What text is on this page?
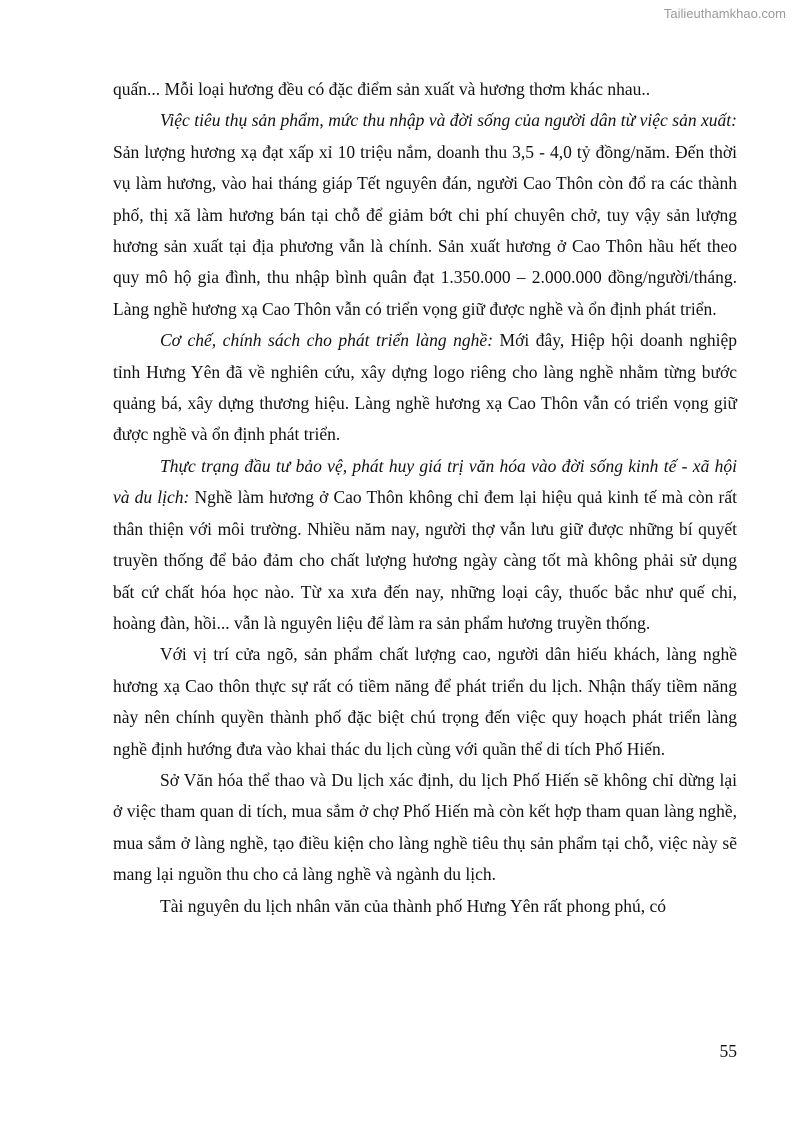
Tailieuthamkhao.com

quấn... Mỗi loại hương đều có đặc điểm sản xuất và hương thơm khác nhau..

Việc tiêu thụ sản phẩm, mức thu nhập và đời sống của người dân từ việc sản xuất: Sản lượng hương xạ đạt xấp xỉ 10 triệu nắm, doanh thu 3,5 - 4,0 tỷ đồng/năm. Đến thời vụ làm hương, vào hai tháng giáp Tết nguyên đán, người Cao Thôn còn đổ ra các thành phố, thị xã làm hương bán tại chỗ để giảm bớt chi phí chuyên chở, tuy vậy sản lượng hương sản xuất tại địa phương vẫn là chính. Sản xuất hương ở Cao Thôn hầu hết theo quy mô hộ gia đình, thu nhập bình quân đạt 1.350.000 – 2.000.000 đồng/người/tháng. Làng nghề hương xạ Cao Thôn vẫn có triển vọng giữ được nghề và ổn định phát triển.

Cơ chế, chính sách cho phát triển làng nghề: Mới đây, Hiệp hội doanh nghiệp tỉnh Hưng Yên đã về nghiên cứu, xây dựng logo riêng cho làng nghề nhằm từng bước quảng bá, xây dựng thương hiệu. Làng nghề hương xạ Cao Thôn vẫn có triển vọng giữ được nghề và ổn định phát triển.

Thực trạng đầu tư bảo vệ, phát huy giá trị văn hóa vào đời sống kinh tế - xã hội và du lịch: Nghề làm hương ở Cao Thôn không chỉ đem lại hiệu quả kinh tế mà còn rất thân thiện với môi trường. Nhiều năm nay, người thợ vẫn lưu giữ được những bí quyết truyền thống để bảo đảm cho chất lượng hương ngày càng tốt mà không phải sử dụng bất cứ chất hóa học nào. Từ xa xưa đến nay, những loại cây, thuốc bắc như quế chi, hoàng đàn, hồi... vẫn là nguyên liệu để làm ra sản phẩm hương truyền thống.

Với vị trí cửa ngõ, sản phẩm chất lượng cao, người dân hiếu khách, làng nghề hương xạ Cao thôn thực sự rất có tiềm năng để phát triển du lịch. Nhận thấy tiềm năng này nên chính quyền thành phố đặc biệt chú trọng đến việc quy hoạch phát triển làng nghề định hướng đưa vào khai thác du lịch cùng với quần thể di tích Phố Hiến.

Sở Văn hóa thể thao và Du lịch xác định, du lịch Phố Hiến sẽ không chỉ dừng lại ở việc tham quan di tích, mua sắm ở chợ Phố Hiến mà còn kết hợp tham quan làng nghề, mua sắm ở làng nghề, tạo điều kiện cho làng nghề tiêu thụ sản phẩm tại chỗ, việc này sẽ mang lại nguồn thu cho cả làng nghề và ngành du lịch.

Tài nguyên du lịch nhân văn của thành phố Hưng Yên rất phong phú, có

55
